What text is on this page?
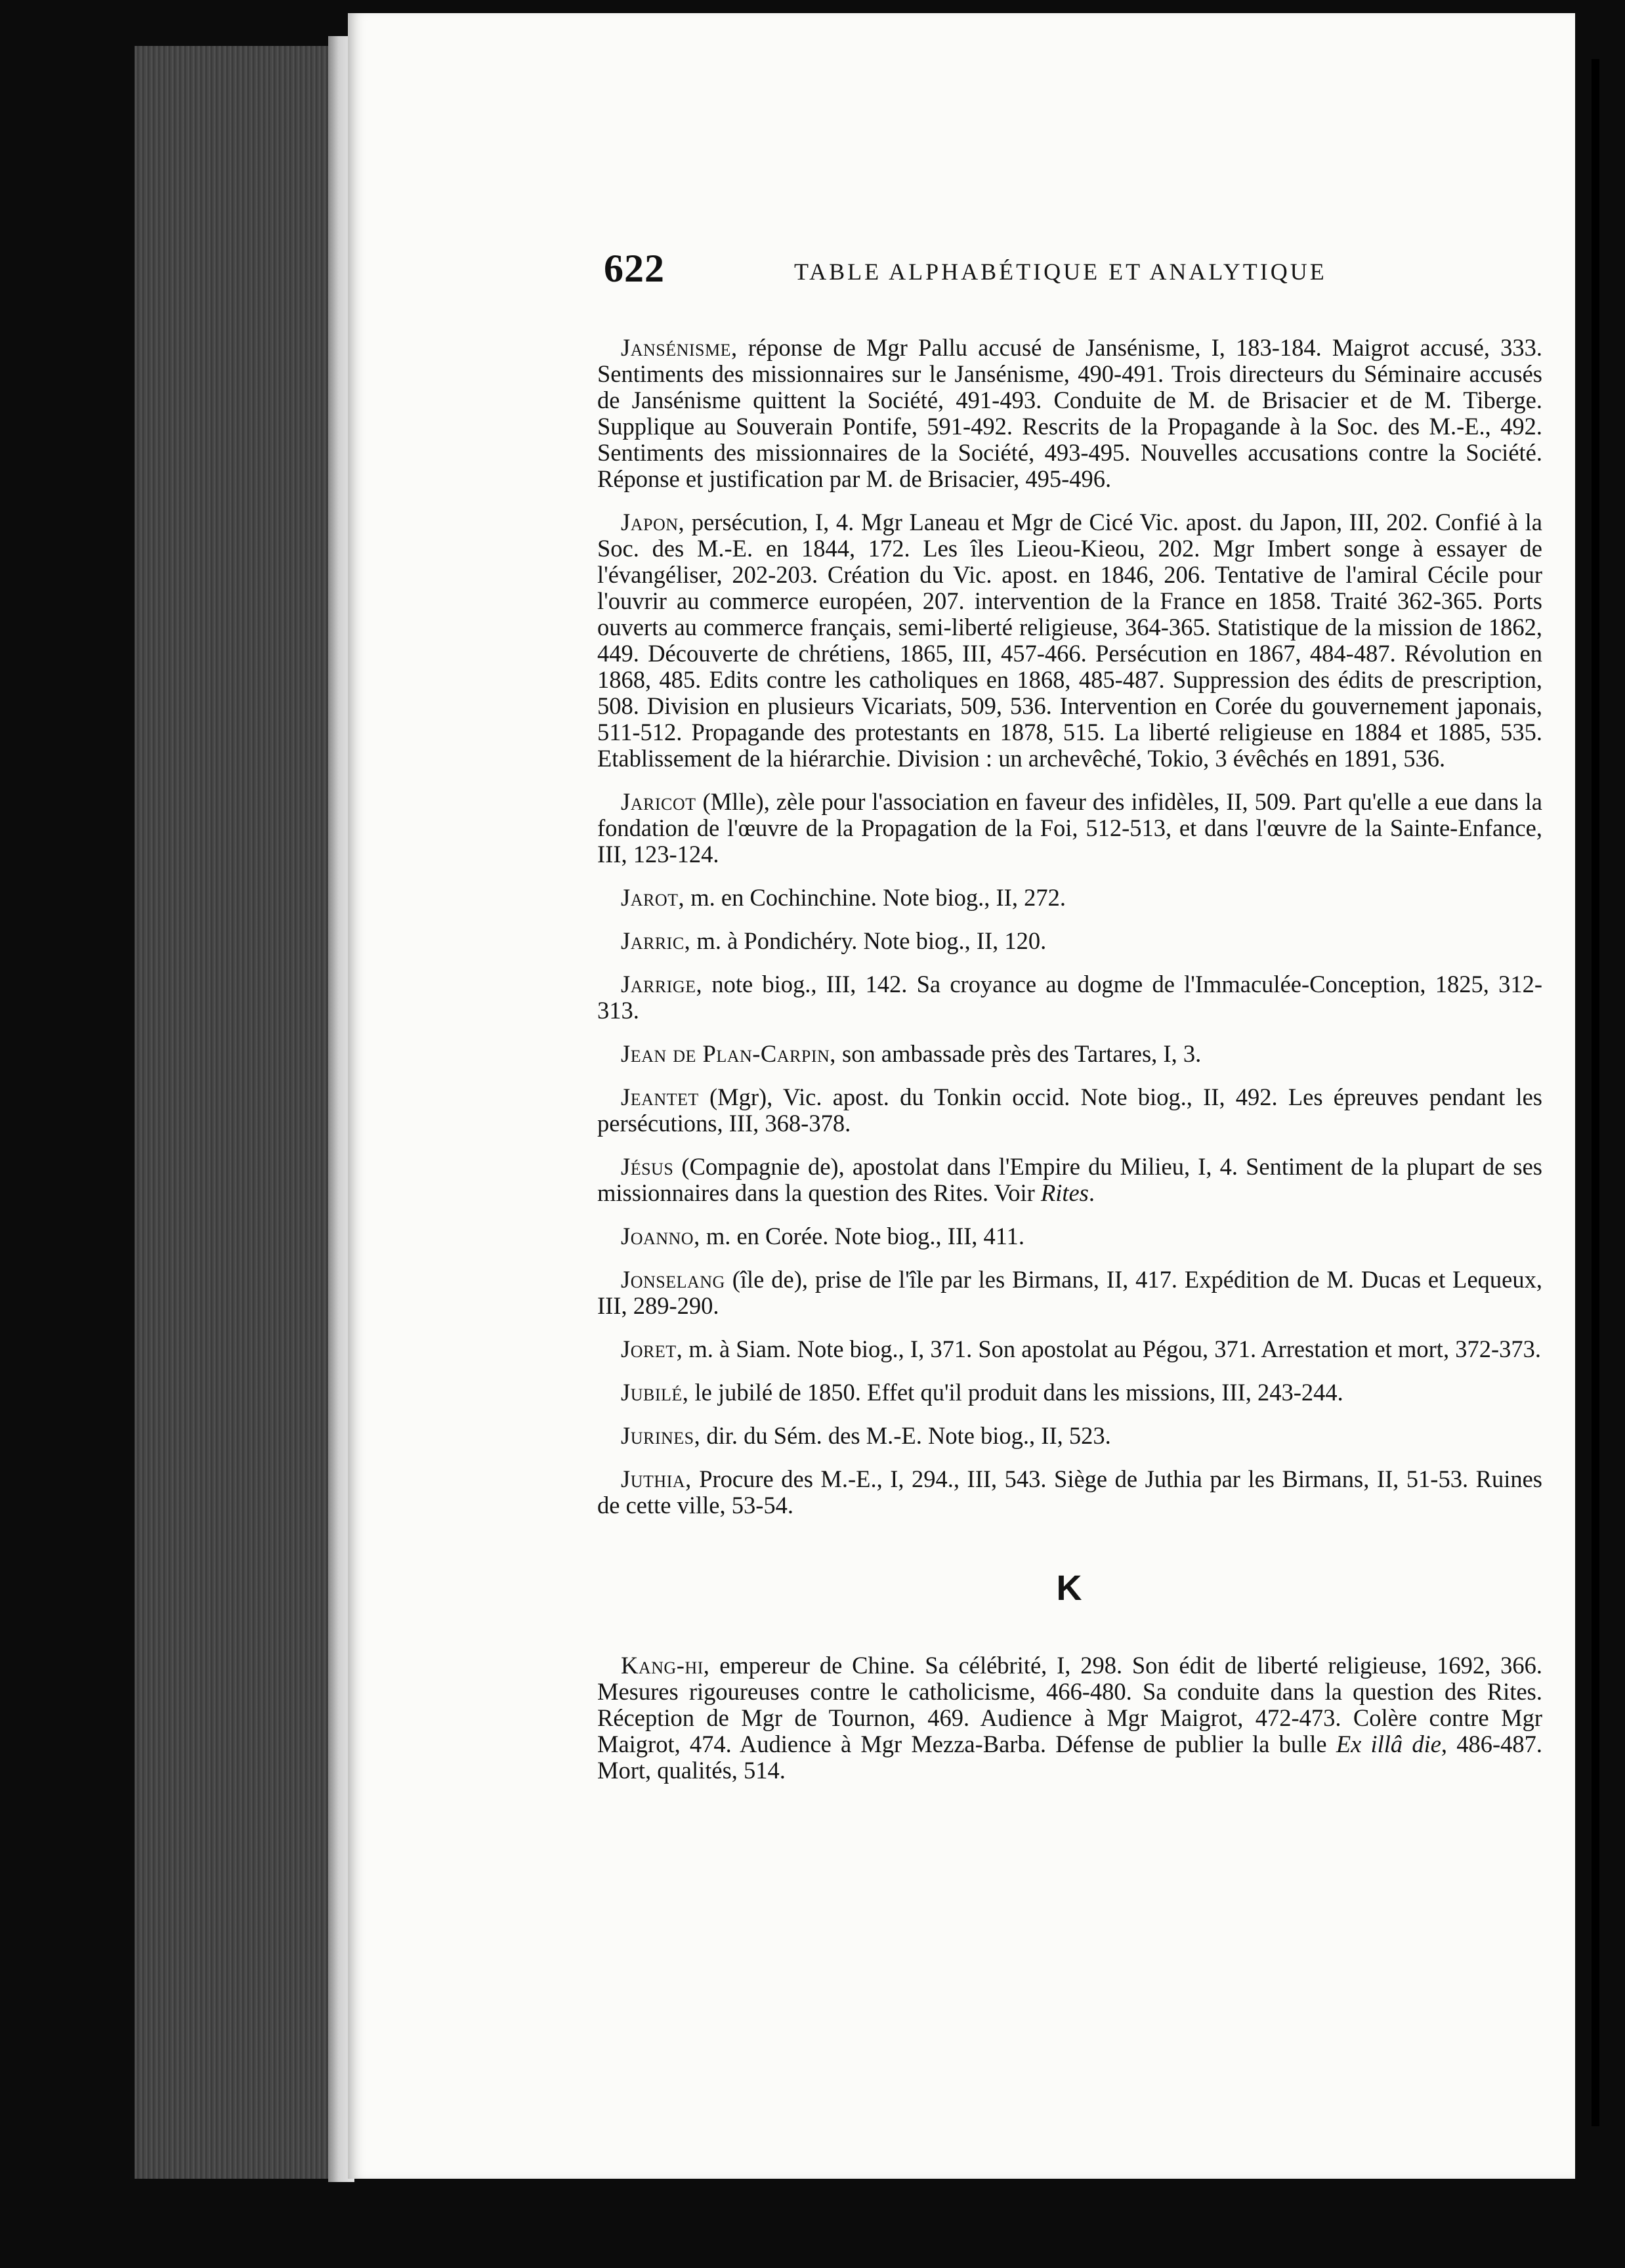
622	TABLE ALPHABÉTIQUE ET ANALYTIQUE

Jansénisme, réponse de Mgr Pallu accusé de Jansénisme, I, 183-184. Maigrot accusé, 333. Sentiments des missionnaires sur le Jansénisme, 490-491. Trois directeurs du Séminaire accusés de Jansénisme quittent la Société, 491-493. Conduite de M. de Brisacier et de M. Tiberge. Supplique au Souverain Pontife, 591-492. Rescrits de la Propagande à la Soc. des M.-E., 492. Sentiments des missionnaires de la Société, 493-495. Nouvelles accusations contre la Société. Réponse et justification par M. de Brisacier, 495-496.

Japon, persécution, I, 4. Mgr Laneau et Mgr de Cicé Vic. apost. du Japon, III, 202. Confié à la Soc. des M.-E. en 1844, 172. Les îles Lieou-Kieou, 202. Mgr Imbert songe à essayer de l'évangéliser, 202-203. Création du Vic. apost. en 1846, 206. Tentative de l'amiral Cécile pour l'ouvrir au commerce européen, 207. intervention de la France en 1858. Traité 362-365. Ports ouverts au commerce français, semi-liberté religieuse, 364-365. Statistique de la mission de 1862, 449. Découverte de chrétiens, 1865, III, 457-466. Persécution en 1867, 484-487. Révolution en 1868, 485. Edits contre les catholiques en 1868, 485-487. Suppression des édits de prescription, 508. Division en plusieurs Vicariats, 509, 536. Intervention en Corée du gouvernement japonais, 511-512. Propagande des protestants en 1878, 515. La liberté religieuse en 1884 et 1885, 535. Etablissement de la hiérarchie. Division : un archevêché, Tokio, 3 évêchés en 1891, 536.

Jaricot (Mlle), zèle pour l'association en faveur des infidèles, II, 509. Part qu'elle a eue dans la fondation de l'œuvre de la Propagation de la Foi, 512-513, et dans l'œuvre de la Sainte-Enfance, III, 123-124.

Jarot, m. en Cochinchine. Note biog., II, 272.

Jarric, m. à Pondichéry. Note biog., II, 120.

Jarrige, note biog., III, 142. Sa croyance au dogme de l'Immaculée-Conception, 1825, 312-313.

Jean de Plan-Carpin, son ambassade près des Tartares, I, 3.

Jeantet (Mgr), Vic. apost. du Tonkin occid. Note biog., II, 492. Les épreuves pendant les persécutions, III, 368-378.

Jésus (Compagnie de), apostolat dans l'Empire du Milieu, I, 4. Sentiment de la plupart de ses missionnaires dans la question des Rites. Voir Rites.

Joanno, m. en Corée. Note biog., III, 411.

Jonselang (île de), prise de l'île par les Birmans, II, 417. Expédition de M. Ducas et Lequeux, III, 289-290.

Joret, m. à Siam. Note biog., I, 371. Son apostolat au Pégou, 371. Arrestation et mort, 372-373.

Jubilé, le jubilé de 1850. Effet qu'il produit dans les missions, III, 243-244.

Jurines, dir. du Sém. des M.-E. Note biog., II, 523.

Juthia, Procure des M.-E., I, 294., III, 543. Siège de Juthia par les Birmans, II, 51-53. Ruines de cette ville, 53-54.

K

Kang-hi, empereur de Chine. Sa célébrité, I, 298. Son édit de liberté religieuse, 1692, 366. Mesures rigoureuses contre le catholicisme, 466-480. Sa conduite dans la question des Rites. Réception de Mgr de Tournon, 469. Audience à Mgr Maigrot, 472-473. Colère contre Mgr Maigrot, 474. Audience à Mgr Mezza-Barba. Défense de publier la bulle Ex illâ die, 486-487. Mort, qualités, 514.
